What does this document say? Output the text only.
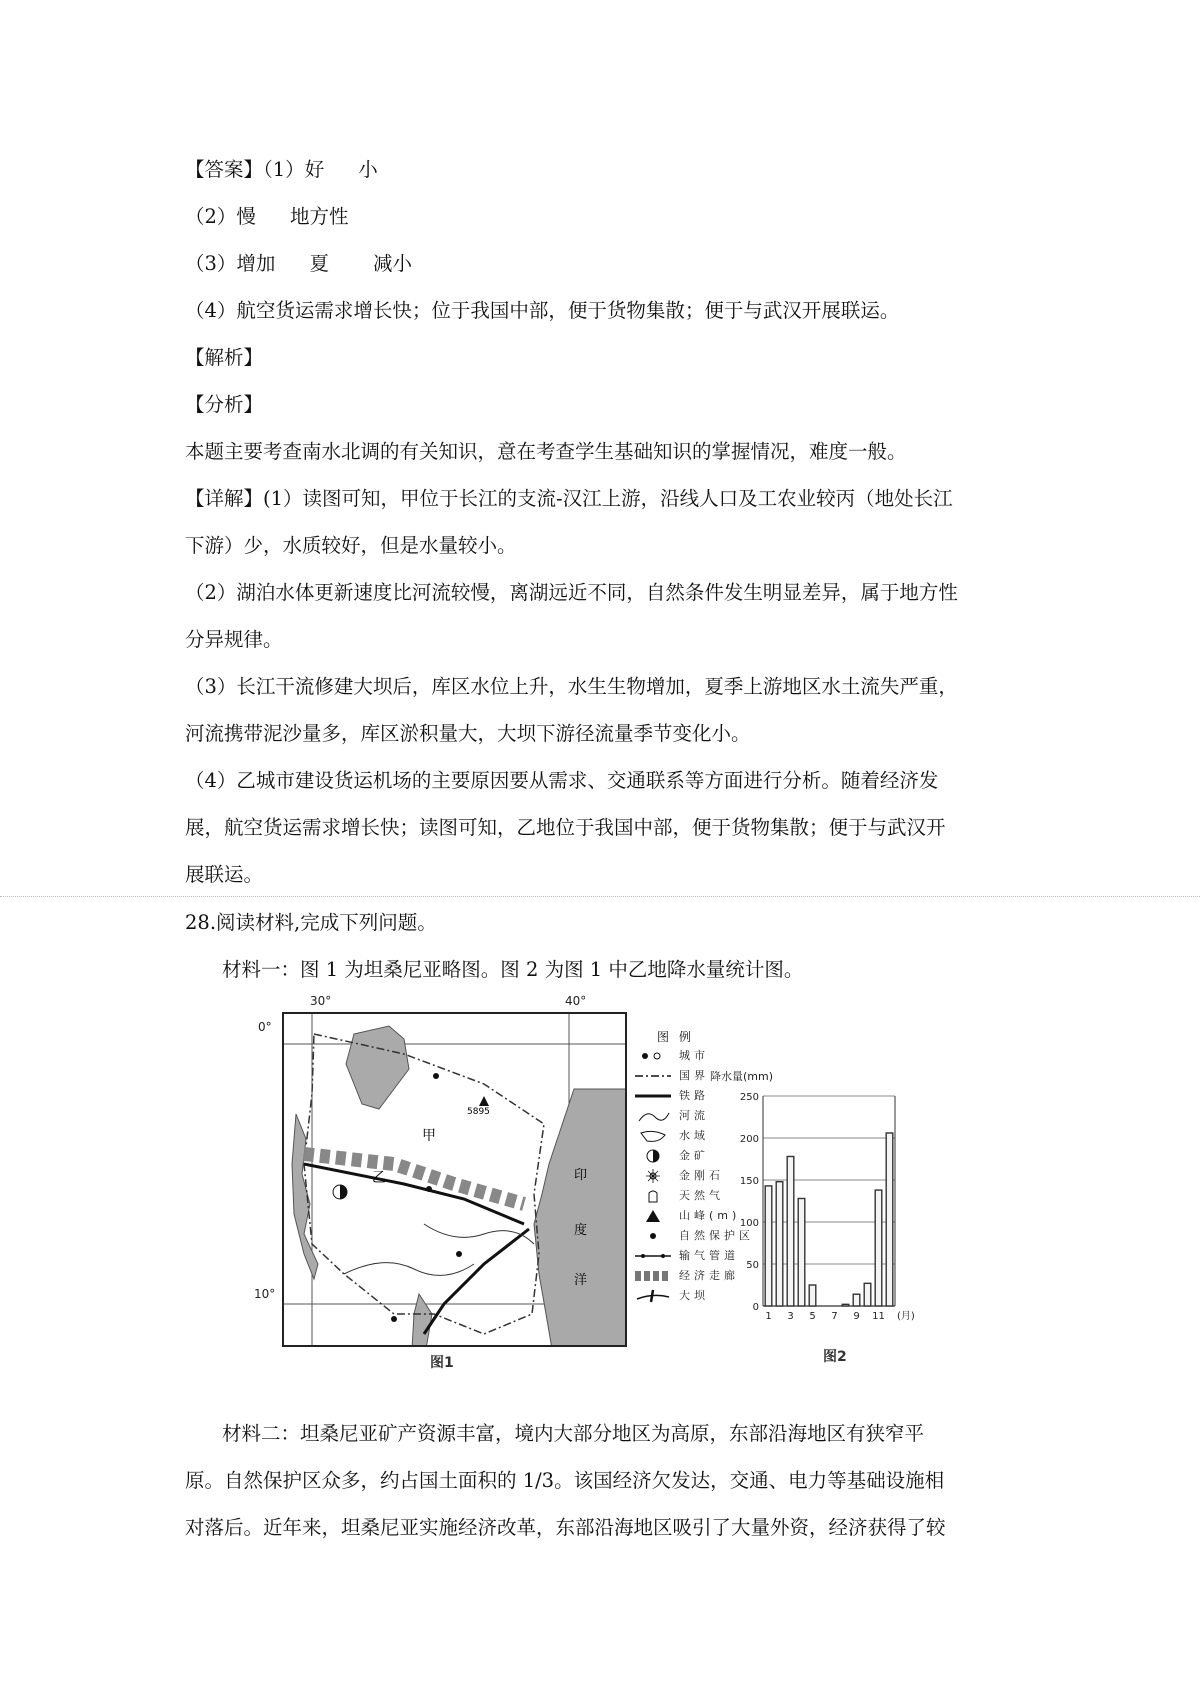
【答案】（1）好 小
（2）慢 地方性
（3）增加 夏 减小
（4）航空货运需求增长快；位于我国中部，便于货物集散；便于与武汉开展联运。
【解析】
【分析】
本题主要考查南水北调的有关知识，意在考查学生基础知识的掌握情况，难度一般。
【详解】(1）读图可知，甲位于长江的支流-汉江上游，沿线人口及工农业较丙（地处长江
下游）少，水质较好，但是水量较小。
（2）湖泊水体更新速度比河流较慢，离湖远近不同，自然条件发生明显差异，属于地方性
分异规律。
（3）长江干流修建大坝后，库区水位上升，水生生物增加，夏季上游地区水土流失严重，
河流携带泥沙量多，库区淤积量大，大坝下游径流量季节变化小。
（4）乙城市建设货运机场的主要原因要从需求、交通联系等方面进行分析。随着经济发
展，航空货运需求增长快；读图可知，乙地位于我国中部，便于货物集散；便于与武汉开
展联运。
28.阅读材料,完成下列问题。
材料一：图 1 为坦桑尼亚略图。图 2 为图 1 中乙地降水量统计图。
30°	40°
0°
10°
5895
甲
乙	印
度
洋
图1
图例
城市
国界
铁路
河流
水域
金矿
金刚石
天然气
山峰(m)
自然保护区
输气管道
经济走廊
大坝
降水量(mm)
0
50
100
150
200
250
1 3 5 7 9 11 (月)
图2
材料二：坦桑尼亚矿产资源丰富，境内大部分地区为高原，东部沿海地区有狭窄平
原。自然保护区众多，约占国土面积的 1/3。该国经济欠发达，交通、电力等基础设施相
对落后。近年来，坦桑尼亚实施经济改革，东部沿海地区吸引了大量外资，经济获得了较
